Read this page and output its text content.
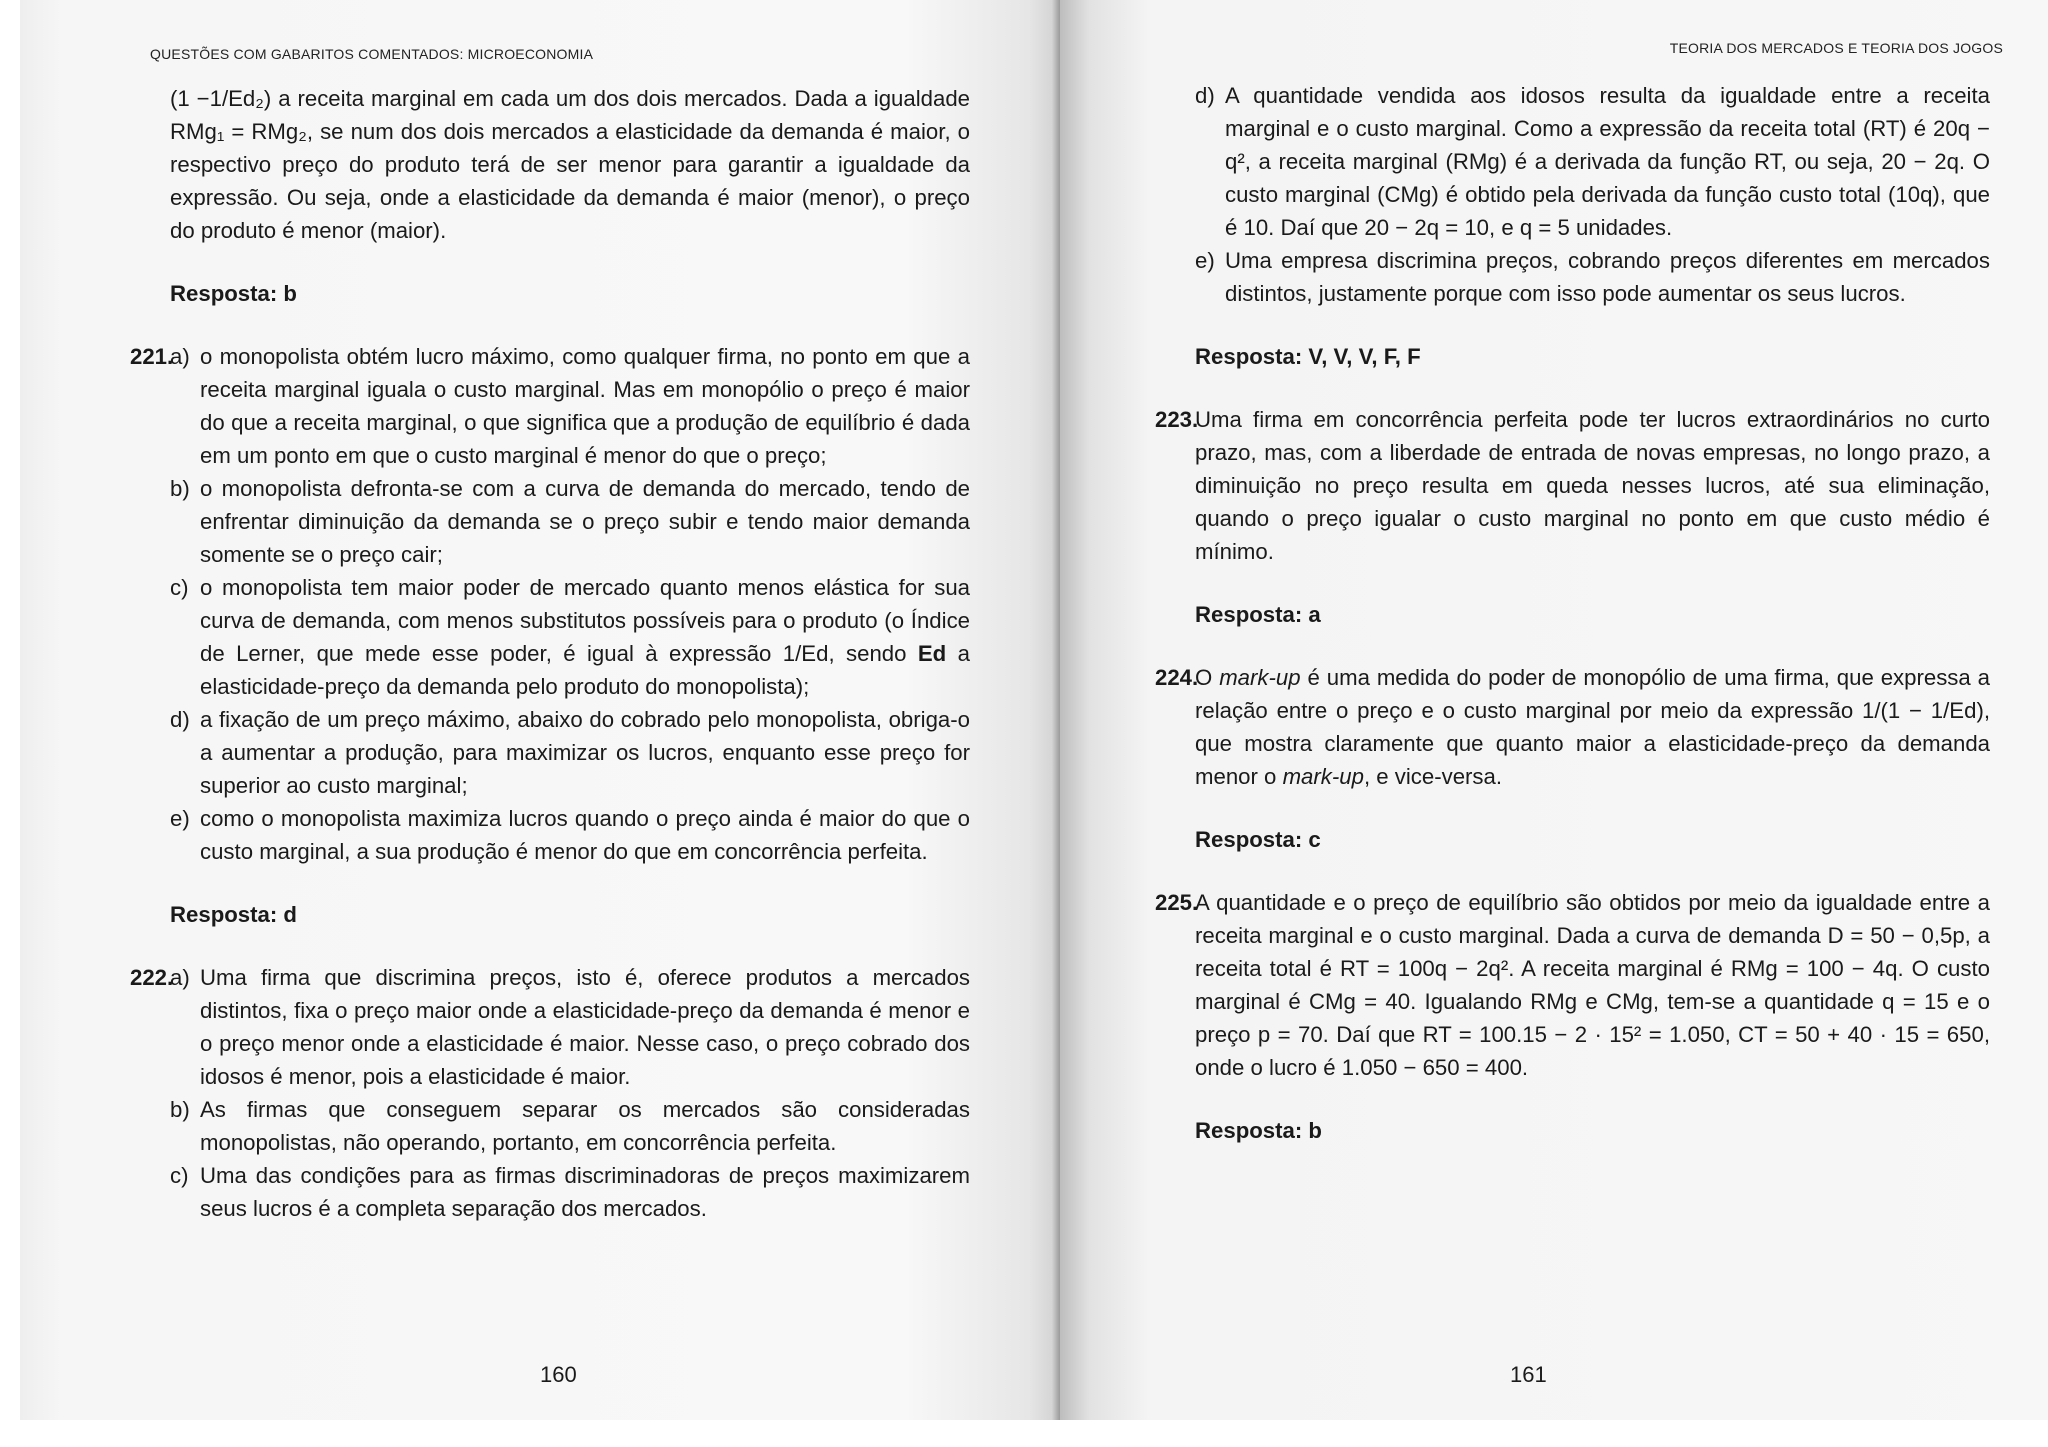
QUESTÕES COM GABARITOS COMENTADOS: MICROECONOMIA

(1 −1/Ed₂) a receita marginal em cada um dos dois mercados. Dada a igualdade RMg₁ = RMg₂, se num dos dois mercados a elasticidade da demanda é maior, o respectivo preço do produto terá de ser menor para garantir a igualdade da expressão. Ou seja, onde a elasticidade da demanda é maior (menor), o preço do produto é menor (maior).

Resposta: b

221.
a) o monopolista obtém lucro máximo, como qualquer firma, no ponto em que a receita marginal iguala o custo marginal. Mas em monopólio o preço é maior do que a receita marginal, o que significa que a produção de equilíbrio é dada em um ponto em que o custo marginal é menor do que o preço;
b) o monopolista defronta-se com a curva de demanda do mercado, tendo de enfrentar diminuição da demanda se o preço subir e tendo maior demanda somente se o preço cair;
c) o monopolista tem maior poder de mercado quanto menos elástica for sua curva de demanda, com menos substitutos possíveis para o produto (o Índice de Lerner, que mede esse poder, é igual à expressão 1/Ed, sendo Ed a elasticidade-preço da demanda pelo produto do monopolista);
d) a fixação de um preço máximo, abaixo do cobrado pelo monopolista, obriga-o a aumentar a produção, para maximizar os lucros, enquanto esse preço for superior ao custo marginal;
e) como o monopolista maximiza lucros quando o preço ainda é maior do que o custo marginal, a sua produção é menor do que em concorrência perfeita.

Resposta: d

222.
a) Uma firma que discrimina preços, isto é, oferece produtos a mercados distintos, fixa o preço maior onde a elasticidade-preço da demanda é menor e o preço menor onde a elasticidade é maior. Nesse caso, o preço cobrado dos idosos é menor, pois a elasticidade é maior.
b) As firmas que conseguem separar os mercados são consideradas monopolistas, não operando, portanto, em concorrência perfeita.
c) Uma das condições para as firmas discriminadoras de preços maximizarem seus lucros é a completa separação dos mercados.
160
TEORIA DOS MERCADOS E TEORIA DOS JOGOS
d) A quantidade vendida aos idosos resulta da igualdade entre a receita marginal e o custo marginal. Como a expressão da receita total (RT) é 20q − q², a receita marginal (RMg) é a derivada da função RT, ou seja, 20 − 2q. O custo marginal (CMg) é obtido pela derivada da função custo total (10q), que é 10. Daí que 20 − 2q = 10, e q = 5 unidades.
e) Uma empresa discrimina preços, cobrando preços diferentes em mercados distintos, justamente porque com isso pode aumentar os seus lucros.

Resposta: V, V, V, F, F

223.

Uma firma em concorrência perfeita pode ter lucros extraordinários no curto prazo, mas, com a liberdade de entrada de novas empresas, no longo prazo, a diminuição no preço resulta em queda nesses lucros, até sua eliminação, quando o preço igualar o custo marginal no ponto em que custo médio é mínimo.

Resposta: a

224.

O mark-up é uma medida do poder de monopólio de uma firma, que expressa a relação entre o preço e o custo marginal por meio da expressão 1/(1 − 1/Ed), que mostra claramente que quanto maior a elasticidade-preço da demanda menor o mark-up, e vice-versa.

Resposta: c

225.

A quantidade e o preço de equilíbrio são obtidos por meio da igualdade entre a receita marginal e o custo marginal. Dada a curva de demanda D = 50 − 0,5p, a receita total é RT = 100q − 2q². A receita marginal é RMg = 100 − 4q. O custo marginal é CMg = 40. Igualando RMg e CMg, tem-se a quantidade q = 15 e o preço p = 70. Daí que RT = 100.15 − 2 · 15² = 1.050, CT = 50 + 40 · 15 = 650, onde o lucro é 1.050 − 650 = 400.

Resposta: b

161
